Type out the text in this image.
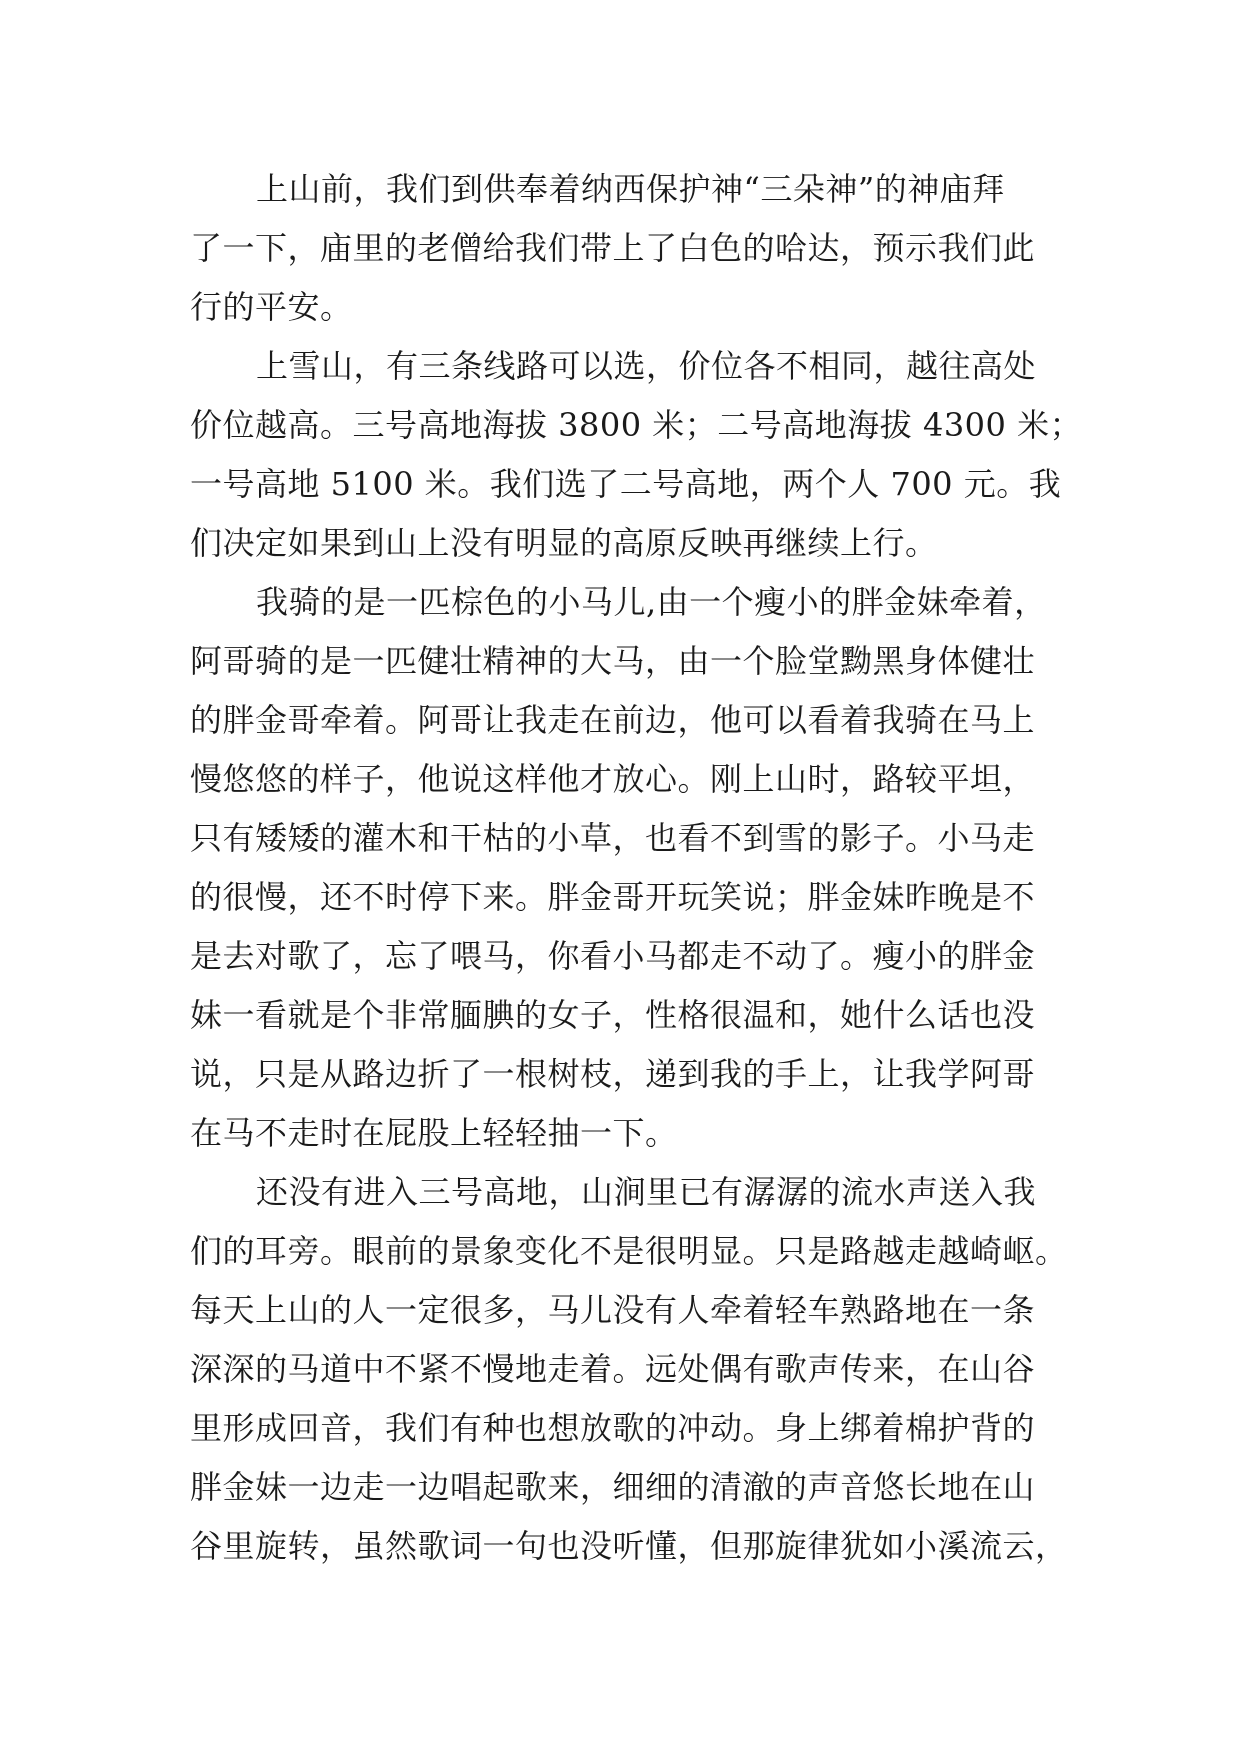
上山前，我们到供奉着纳西保护神“三朵神”的神庙拜
了一下，庙里的老僧给我们带上了白色的哈达，预示我们此
行的平安。
上雪山，有三条线路可以选，价位各不相同，越往高处
价位越高。三号高地海拔 3800 米；二号高地海拔 4300 米；
一号高地 5100 米。我们选了二号高地，两个人 700 元。我
们决定如果到山上没有明显的高原反映再继续上行。
我骑的是一匹棕色的小马儿,由一个瘦小的胖金妹牵着，
阿哥骑的是一匹健壮精神的大马，由一个脸堂黝黑身体健壮
的胖金哥牵着。阿哥让我走在前边，他可以看着我骑在马上
慢悠悠的样子，他说这样他才放心。刚上山时，路较平坦，
只有矮矮的灌木和干枯的小草，也看不到雪的影子。小马走
的很慢，还不时停下来。胖金哥开玩笑说；胖金妹昨晚是不
是去对歌了，忘了喂马，你看小马都走不动了。瘦小的胖金
妹一看就是个非常腼腆的女子，性格很温和，她什么话也没
说，只是从路边折了一根树枝，递到我的手上，让我学阿哥
在马不走时在屁股上轻轻抽一下。
还没有进入三号高地，山涧里已有潺潺的流水声送入我
们的耳旁。眼前的景象变化不是很明显。只是路越走越崎岖。
每天上山的人一定很多，马儿没有人牵着轻车熟路地在一条
深深的马道中不紧不慢地走着。远处偶有歌声传来，在山谷
里形成回音，我们有种也想放歌的冲动。身上绑着棉护背的
胖金妹一边走一边唱起歌来，细细的清澈的声音悠长地在山
谷里旋转，虽然歌词一句也没听懂，但那旋律犹如小溪流云，
